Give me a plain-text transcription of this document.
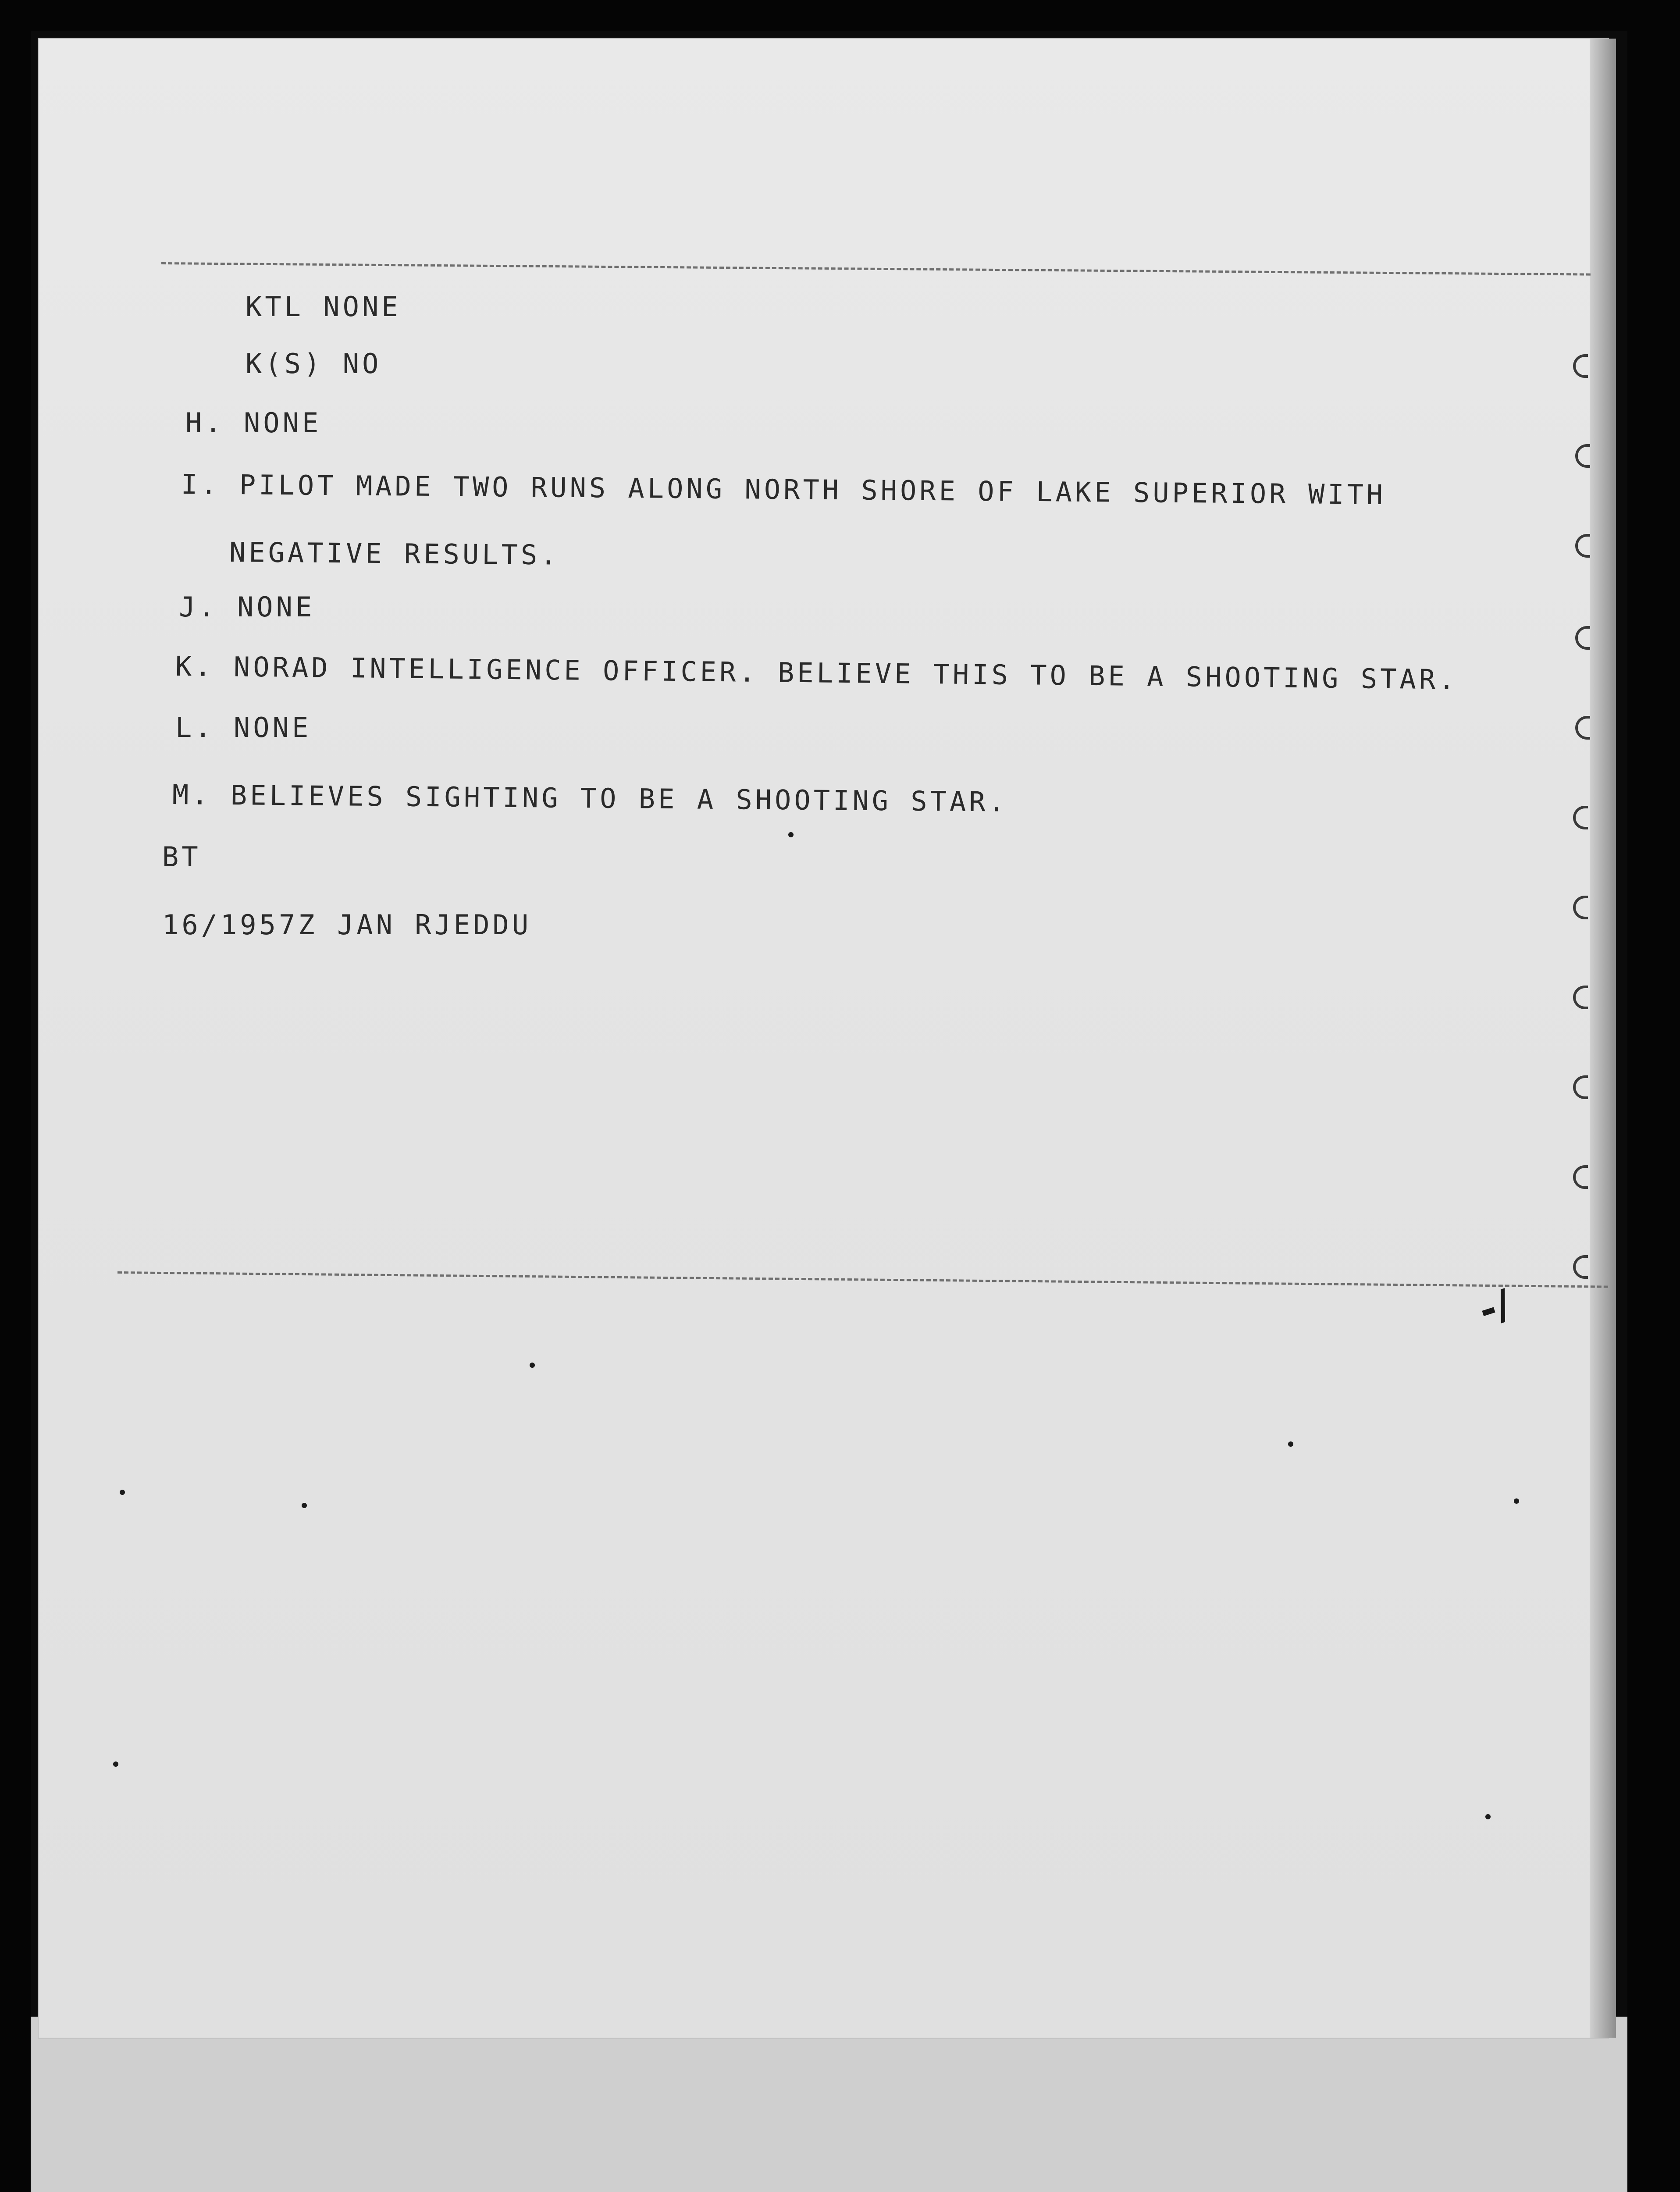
KTL NONE

K(S) NO

H. NONE

I. PILOT MADE TWO RUNS ALONG NORTH SHORE OF LAKE SUPERIOR WITH

NEGATIVE RESULTS.

J. NONE

K. NORAD INTELLIGENCE OFFICER. BELIEVE THIS TO BE A SHOOTING STAR.

L. NONE

M. BELIEVES SIGHTING TO BE A SHOOTING STAR.

BT

16/1957Z JAN RJEDDU

-/
